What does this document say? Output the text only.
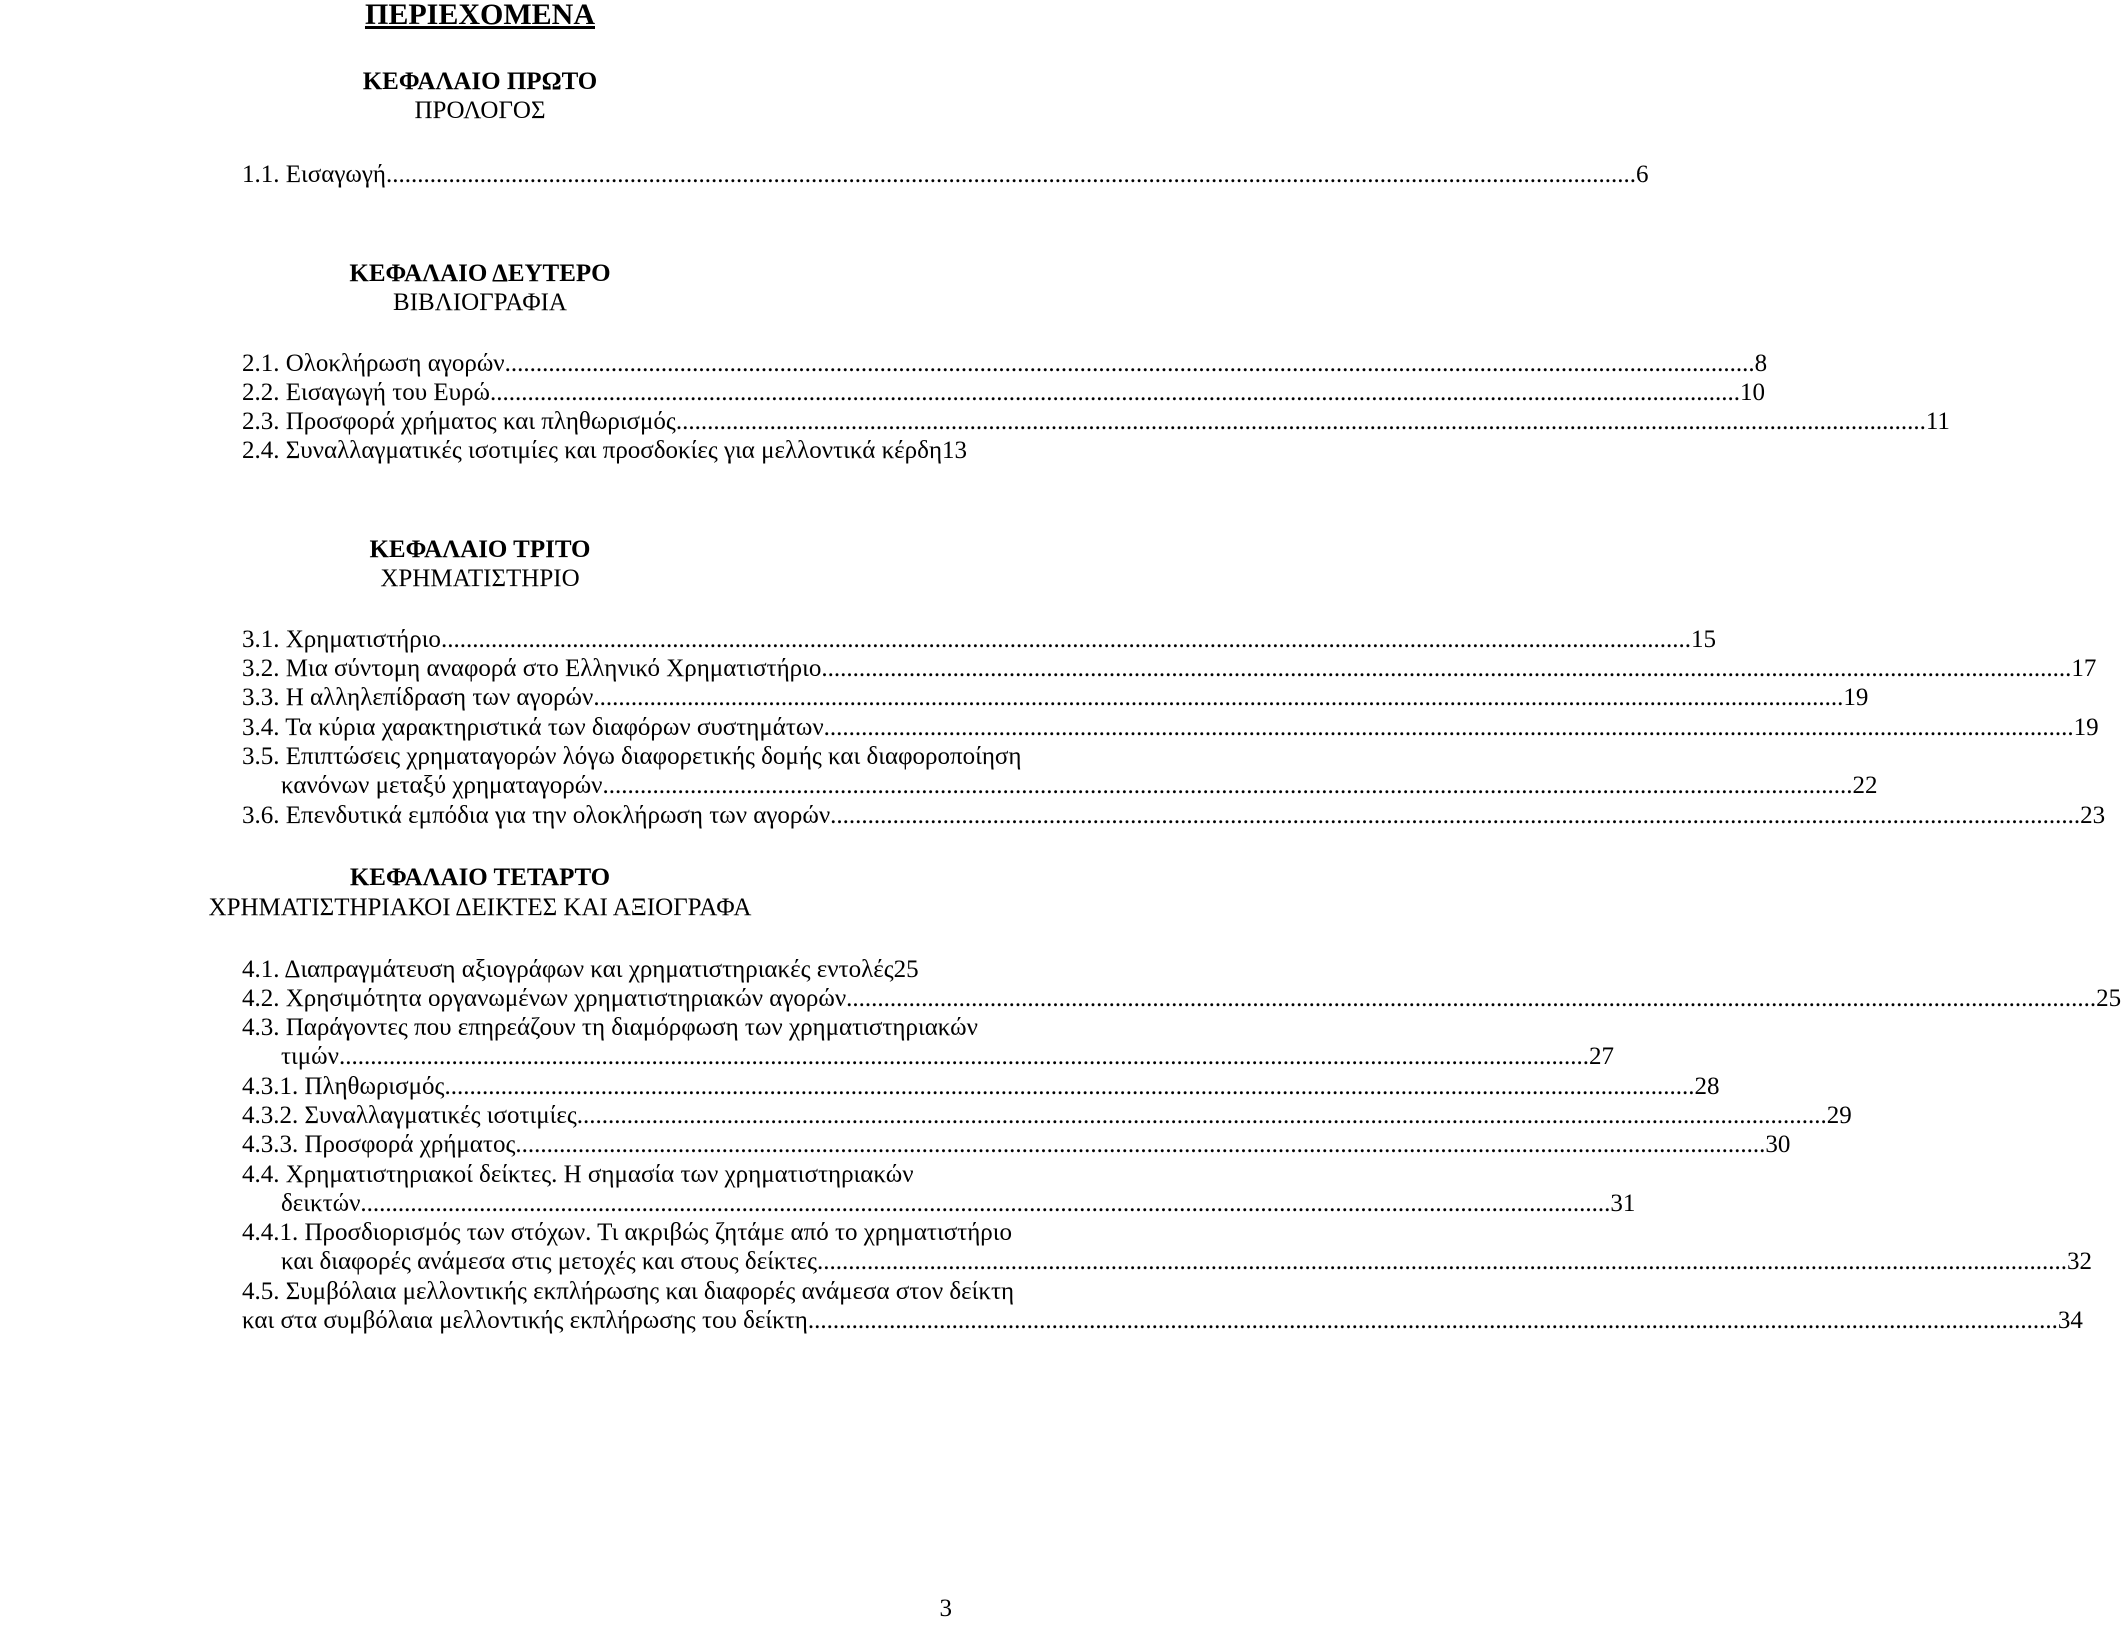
ΠΕΡΙΕΧΟΜΕΝΑ
ΚΕΦΑΛΑΙΟ ΠΡΩΤΟ
ΠΡΟΛΟΓΟΣ
1.1. Εισαγωγή .....	6
ΚΕΦΑΛΑΙΟ ΔΕΥΤΕΡΟ
ΒΙΒΛΙΟΓΡΑΦΙΑ
2.1. Ολοκλήρωση αγορών .....	8
2.2. Εισαγωγή του Ευρώ .....	10
2.3. Προσφορά χρήματος και πληθωρισμός .....	11
2.4. Συναλλαγματικές ισοτιμίες και προσδοκίες για μελλοντικά κέρδη 13
ΚΕΦΑΛΑΙΟ ΤΡΙΤΟ
ΧΡΗΜΑΤΙΣΤΗΡΙΟ
3.1. Χρηματιστήριο .....	15
3.2. Μια σύντομη αναφορά στο Ελληνικό Χρηματιστήριο .....	17
3.3. Η αλληλεπίδραση των αγορών .....	19
3.4. Τα κύρια χαρακτηριστικά των διαφόρων συστημάτων .....	19
3.5. Επιπτώσεις χρηματαγορών λόγω διαφορετικής δομής και διαφοροποίηση
κανόνων μεταξύ χρηματαγορών .....	22
3.6. Επενδυτικά εμπόδια για την ολοκλήρωση των αγορών .....	23
ΚΕΦΑΛΑΙΟ ΤΕΤΑΡΤΟ
ΧΡΗΜΑΤΙΣΤΗΡΙΑΚΟΙ ΔΕΙΚΤΕΣ ΚΑΙ ΑΞΙΟΓΡΑΦΑ
4.1. Διαπραγμάτευση αξιογράφων και χρηματιστηριακές εντολές 25
4.2. Χρησιμότητα οργανωμένων χρηματιστηριακών αγορών .....	25
4.3. Παράγοντες που επηρεάζουν τη διαμόρφωση των χρηματιστηριακών
τιμών .....	27
4.3.1. Πληθωρισμός .....	28
4.3.2. Συναλλαγματικές ισοτιμίες .....	29
4.3.3. Προσφορά χρήματος .....	30
4.4. Χρηματιστηριακοί δείκτες. Η σημασία των χρηματιστηριακών
δεικτών .....	31
4.4.1. Προσδιορισμός των στόχων. Τι ακριβώς ζητάμε από το χρηματιστήριο
και διαφορές ανάμεσα στις μετοχές και στους δείκτες .....	32
4.5. Συμβόλαια μελλοντικής εκπλήρωσης και διαφορές ανάμεσα στον δείκτη
και στα συμβόλαια μελλοντικής εκπλήρωσης του δείκτη .....	34
3
